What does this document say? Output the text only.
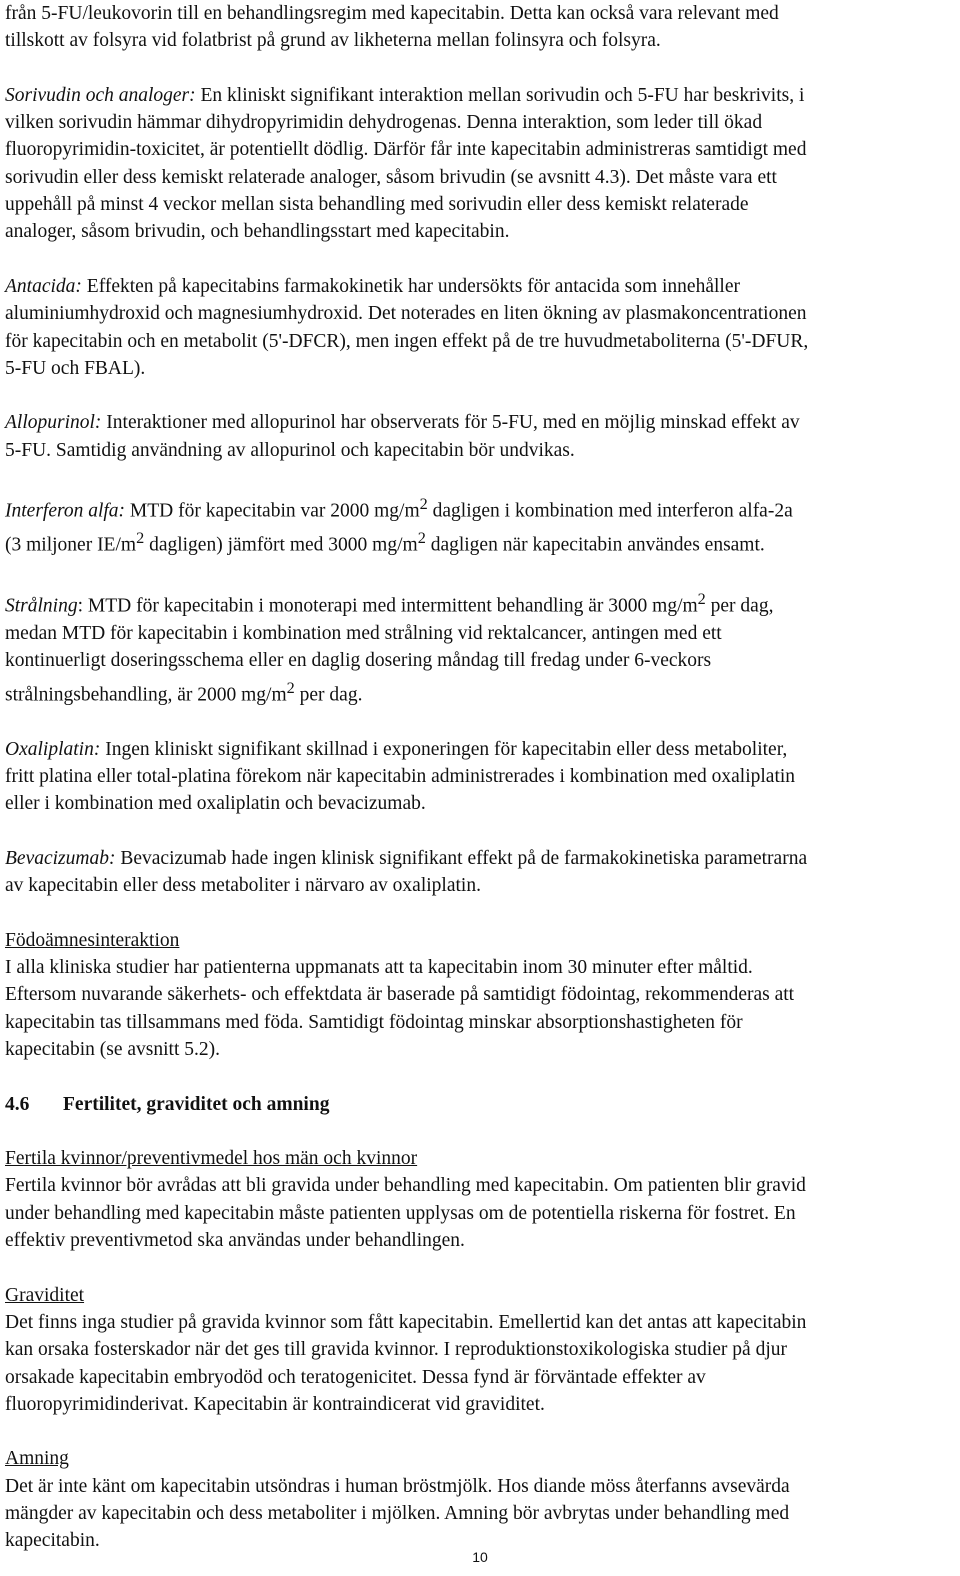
från 5-FU/leukovorin till en behandlingsregim med kapecitabin. Detta kan också vara relevant med
tillskott av folsyra vid folatbrist på grund av likheterna mellan folinsyra och folsyra.

Sorivudin och analoger: En kliniskt signifikant interaktion mellan sorivudin och 5-FU har beskrivits, i
vilken sorivudin hämmar dihydropyrimidin dehydrogenas. Denna interaktion, som leder till ökad
fluoropyrimidin-toxicitet, är potentiellt dödlig. Därför får inte kapecitabin administreras samtidigt med
sorivudin eller dess kemiskt relaterade analoger, såsom brivudin (se avsnitt 4.3). Det måste vara ett
uppehåll på minst 4 veckor mellan sista behandling med sorivudin eller dess kemiskt relaterade
analoger, såsom brivudin, och behandlingsstart med kapecitabin.

Antacida: Effekten på kapecitabins farmakokinetik har undersökts för antacida som innehåller
aluminiumhydroxid och magnesiumhydroxid. Det noterades en liten ökning av plasmakoncentrationen
för kapecitabin och en metabolit (5'-DFCR), men ingen effekt på de tre huvudmetaboliterna (5'-DFUR,
5-FU och FBAL).

Allopurinol: Interaktioner med allopurinol har observerats för 5-FU, med en möjlig minskad effekt av
5-FU. Samtidig användning av allopurinol och kapecitabin bör undvikas.

Interferon alfa: MTD för kapecitabin var 2000 $mg/m^2$ dagligen i kombination med interferon alfa-2a
(3 miljoner $IE/m^2$ dagligen) jämfört med 3000 $mg/m^2$ dagligen när kapecitabin användes ensamt.

Strålning: MTD för kapecitabin i monoterapi med intermittent behandling är 3000 $mg/m^2$ per dag,
medan MTD för kapecitabin i kombination med strålning vid rektalcancer, antingen med ett
kontinuerligt doseringsschema eller en daglig dosering måndag till fredag under 6-veckors
strålningsbehandling, är 2000 $mg/m^2$ per dag.

Oxaliplatin: Ingen kliniskt signifikant skillnad i exponeringen för kapecitabin eller dess metaboliter,
fritt platina eller total-platina förekom när kapecitabin administrerades i kombination med oxaliplatin
eller i kombination med oxaliplatin och bevacizumab.

Bevacizumab: Bevacizumab hade ingen klinisk signifikant effekt på de farmakokinetiska parametrarna
av kapecitabin eller dess metaboliter i närvaro av oxaliplatin.

Födoämnesinteraktion
I alla kliniska studier har patienterna uppmanats att ta kapecitabin inom 30 minuter efter måltid.
Eftersom nuvarande säkerhets- och effektdata är baserade på samtidigt födointag, rekommenderas att
kapecitabin tas tillsammans med föda. Samtidigt födointag minskar absorptionshastigheten för
kapecitabin (se avsnitt 5.2).

4.6 Fertilitet, graviditet och amning

Fertila kvinnor/preventivmedel hos män och kvinnor
Fertila kvinnor bör avrådas att bli gravida under behandling med kapecitabin. Om patienten blir gravid
under behandling med kapecitabin måste patienten upplysas om de potentiella riskerna för fostret. En
effektiv preventivmetod ska användas under behandlingen.

Graviditet
Det finns inga studier på gravida kvinnor som fått kapecitabin. Emellertid kan det antas att kapecitabin
kan orsaka fosterskador när det ges till gravida kvinnor. I reproduktionstoxikologiska studier på djur
orsakade kapecitabin embryodöd och teratogenicitet. Dessa fynd är förväntade effekter av
fluoropyrimidinderivat. Kapecitabin är kontraindicerat vid graviditet.

Amning
Det är inte känt om kapecitabin utsöndras i human bröstmjölk. Hos diande möss återfanns avsevärda
mängder av kapecitabin och dess metaboliter i mjölken. Amning bör avbrytas under behandling med
kapecitabin.

10
